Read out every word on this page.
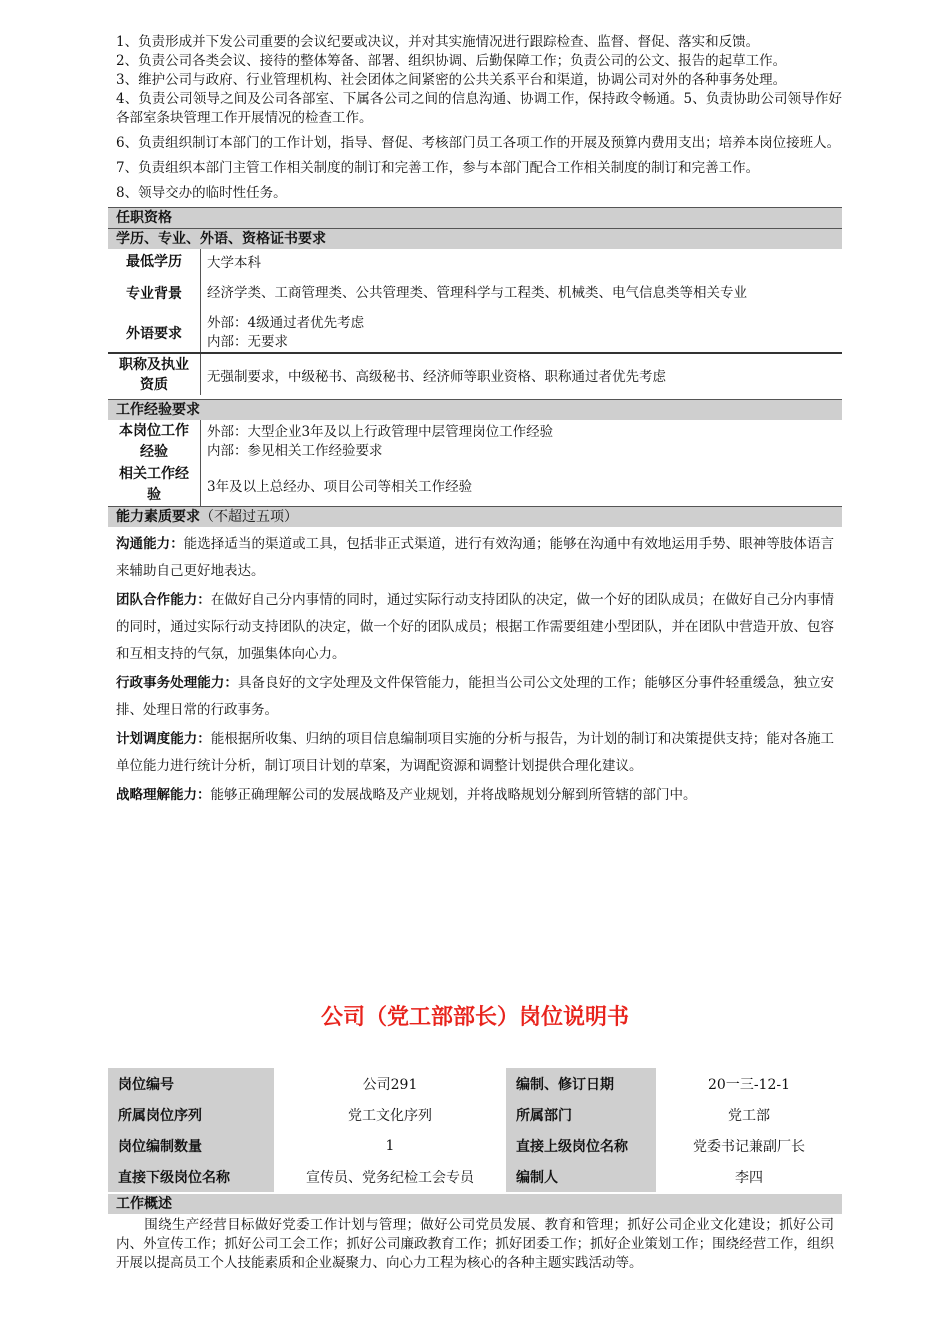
1、负责形成并下发公司重要的会议纪要或决议，并对其实施情况进行跟踪检查、监督、督促、落实和反馈。

2、负责公司各类会议、接待的整体筹备、部署、组织协调、后勤保障工作；负责公司的公文、报告的起草工作。

3、维护公司与政府、行业管理机构、社会团体之间紧密的公共关系平台和渠道，协调公司对外的各种事务处理。

4、负责公司领导之间及公司各部室、下属各公司之间的信息沟通、协调工作，保持政令畅通。5、负责协助公司领导作好各部室条块管理工作开展情况的检查工作。

6、负责组织制订本部门的工作计划，指导、督促、考核部门员工各项工作的开展及预算内费用支出；培养本岗位接班人。

7、负责组织本部门主管工作相关制度的制订和完善工作，参与本部门配合工作相关制度的制订和完善工作。

8、领导交办的临时性任务。

任职资格
学历、专业、外语、资格证书要求
最低学历	大学本科
专业背景	经济学类、工商管理类、公共管理类、管理科学与工程类、机械类、电气信息类等相关专业
外语要求	外部：4级通过者优先考虑
内部：无要求

职称及执业资质	无强制要求，中级秘书、高级秘书、经济师等职业资格、职称通过者优先考虑
工作经验要求
本岗位工作经验	外部：大型企业3年及以上行政管理中层管理岗位工作经验
内部：参见相关工作经验要求

相关工作经验	3年及以上总经办、项目公司等相关工作经验
能力素质要求（不超过五项）

沟通能力：能选择适当的渠道或工具，包括非正式渠道，进行有效沟通；能够在沟通中有效地运用手势、眼神等肢体语言来辅助自己更好地表达。

团队合作能力：在做好自己分内事情的同时，通过实际行动支持团队的决定，做一个好的团队成员；在做好自己分内事情的同时，通过实际行动支持团队的决定，做一个好的团队成员；根据工作需要组建小型团队，并在团队中营造开放、包容和互相支持的气氛，加强集体向心力。

行政事务处理能力：具备良好的文字处理及文件保管能力，能担当公司公文处理的工作；能够区分事件轻重缓急，独立安排、处理日常的行政事务。

计划调度能力：能根据所收集、归纳的项目信息编制项目实施的分析与报告，为计划的制订和决策提供支持；能对各施工单位能力进行统计分析，制订项目计划的草案，为调配资源和调整计划提供合理化建议。

战略理解能力：能够正确理解公司的发展战略及产业规划，并将战略规划分解到所管辖的部门中。

公司（党工部部长）岗位说明书
岗位编号	公司291	编制、修订日期	20一三-12-1
所属岗位序列	党工文化序列	所属部门	党工部
岗位编制数量	1	直接上级岗位名称	党委书记兼副厂长
直接下级岗位名称	宣传员、党务纪检工会专员	编制人	李四
工作概述
围绕生产经营目标做好党委工作计划与管理；做好公司党员发展、教育和管理；抓好公司企业文化建设；抓好公司内、外宣传工作；抓好公司工会工作；抓好公司廉政教育工作；抓好团委工作；抓好企业策划工作；围绕经营工作，组织开展以提高员工个人技能素质和企业凝聚力、向心力工程为核心的各种主题实践活动等。
